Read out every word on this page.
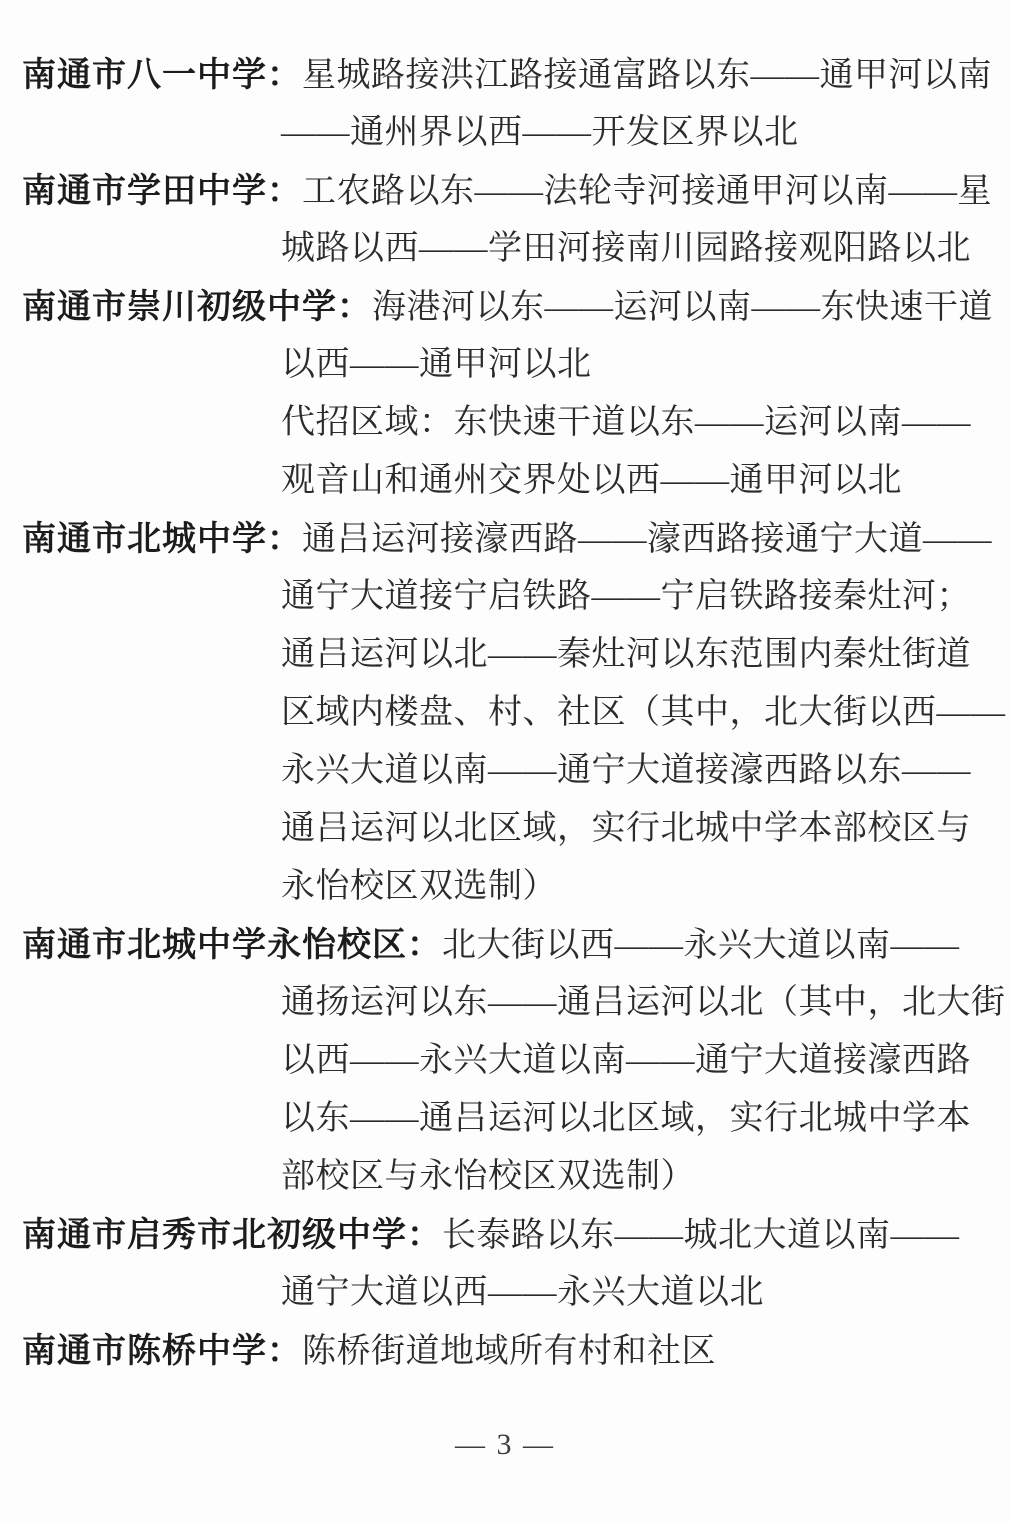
南通市八一中学：星城路接洪江路接通富路以东——通甲河以南
——通州界以西——开发区界以北
南通市学田中学：工农路以东——法轮寺河接通甲河以南——星
城路以西——学田河接南川园路接观阳路以北
南通市崇川初级中学：海港河以东——运河以南——东快速干道
以西——通甲河以北
代招区域：东快速干道以东——运河以南——
观音山和通州交界处以西——通甲河以北
南通市北城中学：通吕运河接濠西路——濠西路接通宁大道——
通宁大道接宁启铁路——宁启铁路接秦灶河；
通吕运河以北——秦灶河以东范围内秦灶街道
区域内楼盘、村、社区（其中，北大街以西——
永兴大道以南——通宁大道接濠西路以东——
通吕运河以北区域，实行北城中学本部校区与
永怡校区双选制）
南通市北城中学永怡校区：北大街以西——永兴大道以南——
通扬运河以东——通吕运河以北（其中，北大街
以西——永兴大道以南——通宁大道接濠西路
以东——通吕运河以北区域，实行北城中学本
部校区与永怡校区双选制）
南通市启秀市北初级中学：长泰路以东——城北大道以南——
通宁大道以西——永兴大道以北
南通市陈桥中学：陈桥街道地域所有村和社区
— 3 —
